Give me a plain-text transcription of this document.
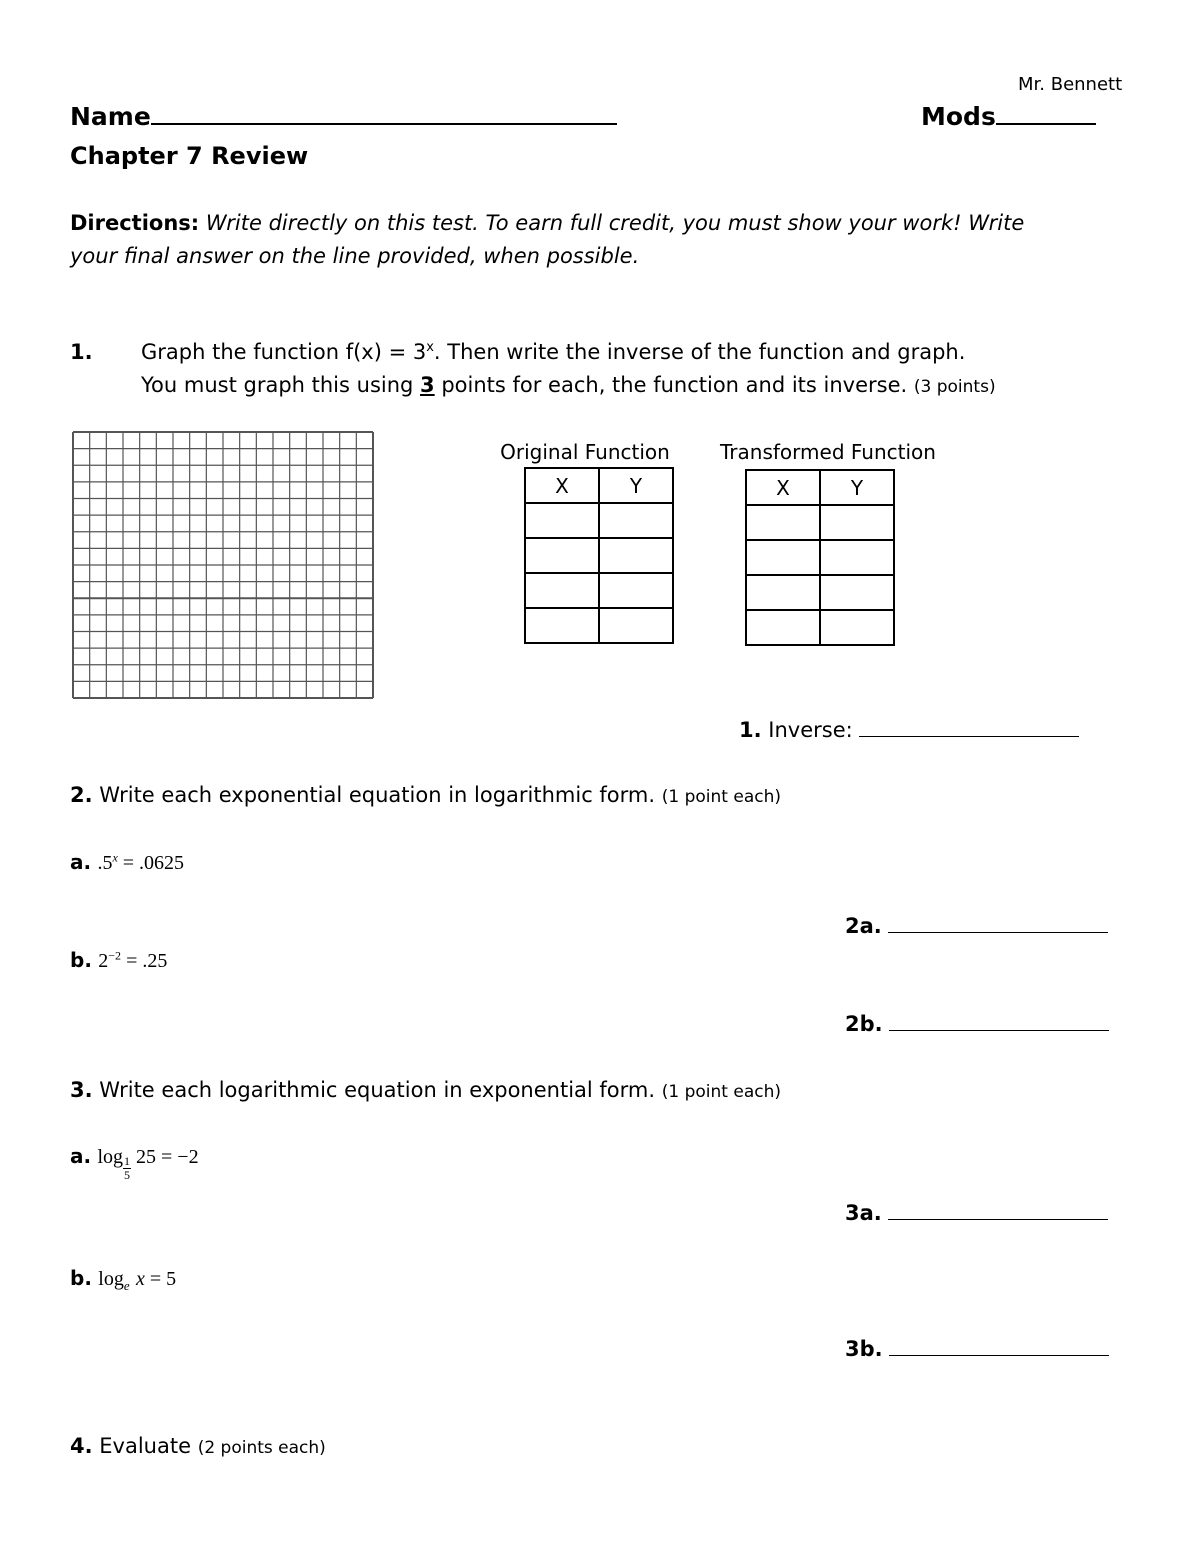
Mr. Bennett
Name	Mods
Chapter 7 Review
Directions: Write directly on this test. To earn full credit, you must show your work! Write
your final answer on the line provided, when possible.
1. Graph the function $f(x) = 3^x$. Then write the inverse of the function and graph.
You must graph this using 3 points for each, the function and its inverse. (3 points)
Original Function
X	Y

Transformed Function
X	Y

1. Inverse:
2. Write each exponential equation in logarithmic form. (1 point each)
a. $.5^x = .0625$
2a.
b. $2^{-2} = .25$
2b.
3. Write each logarithmic equation in exponential form. (1 point each)
a. $\log \frac{1}{5} 25 = -2$
3a.
b. $\log_e x = 5$
3b.
4. Evaluate (2 points each)
